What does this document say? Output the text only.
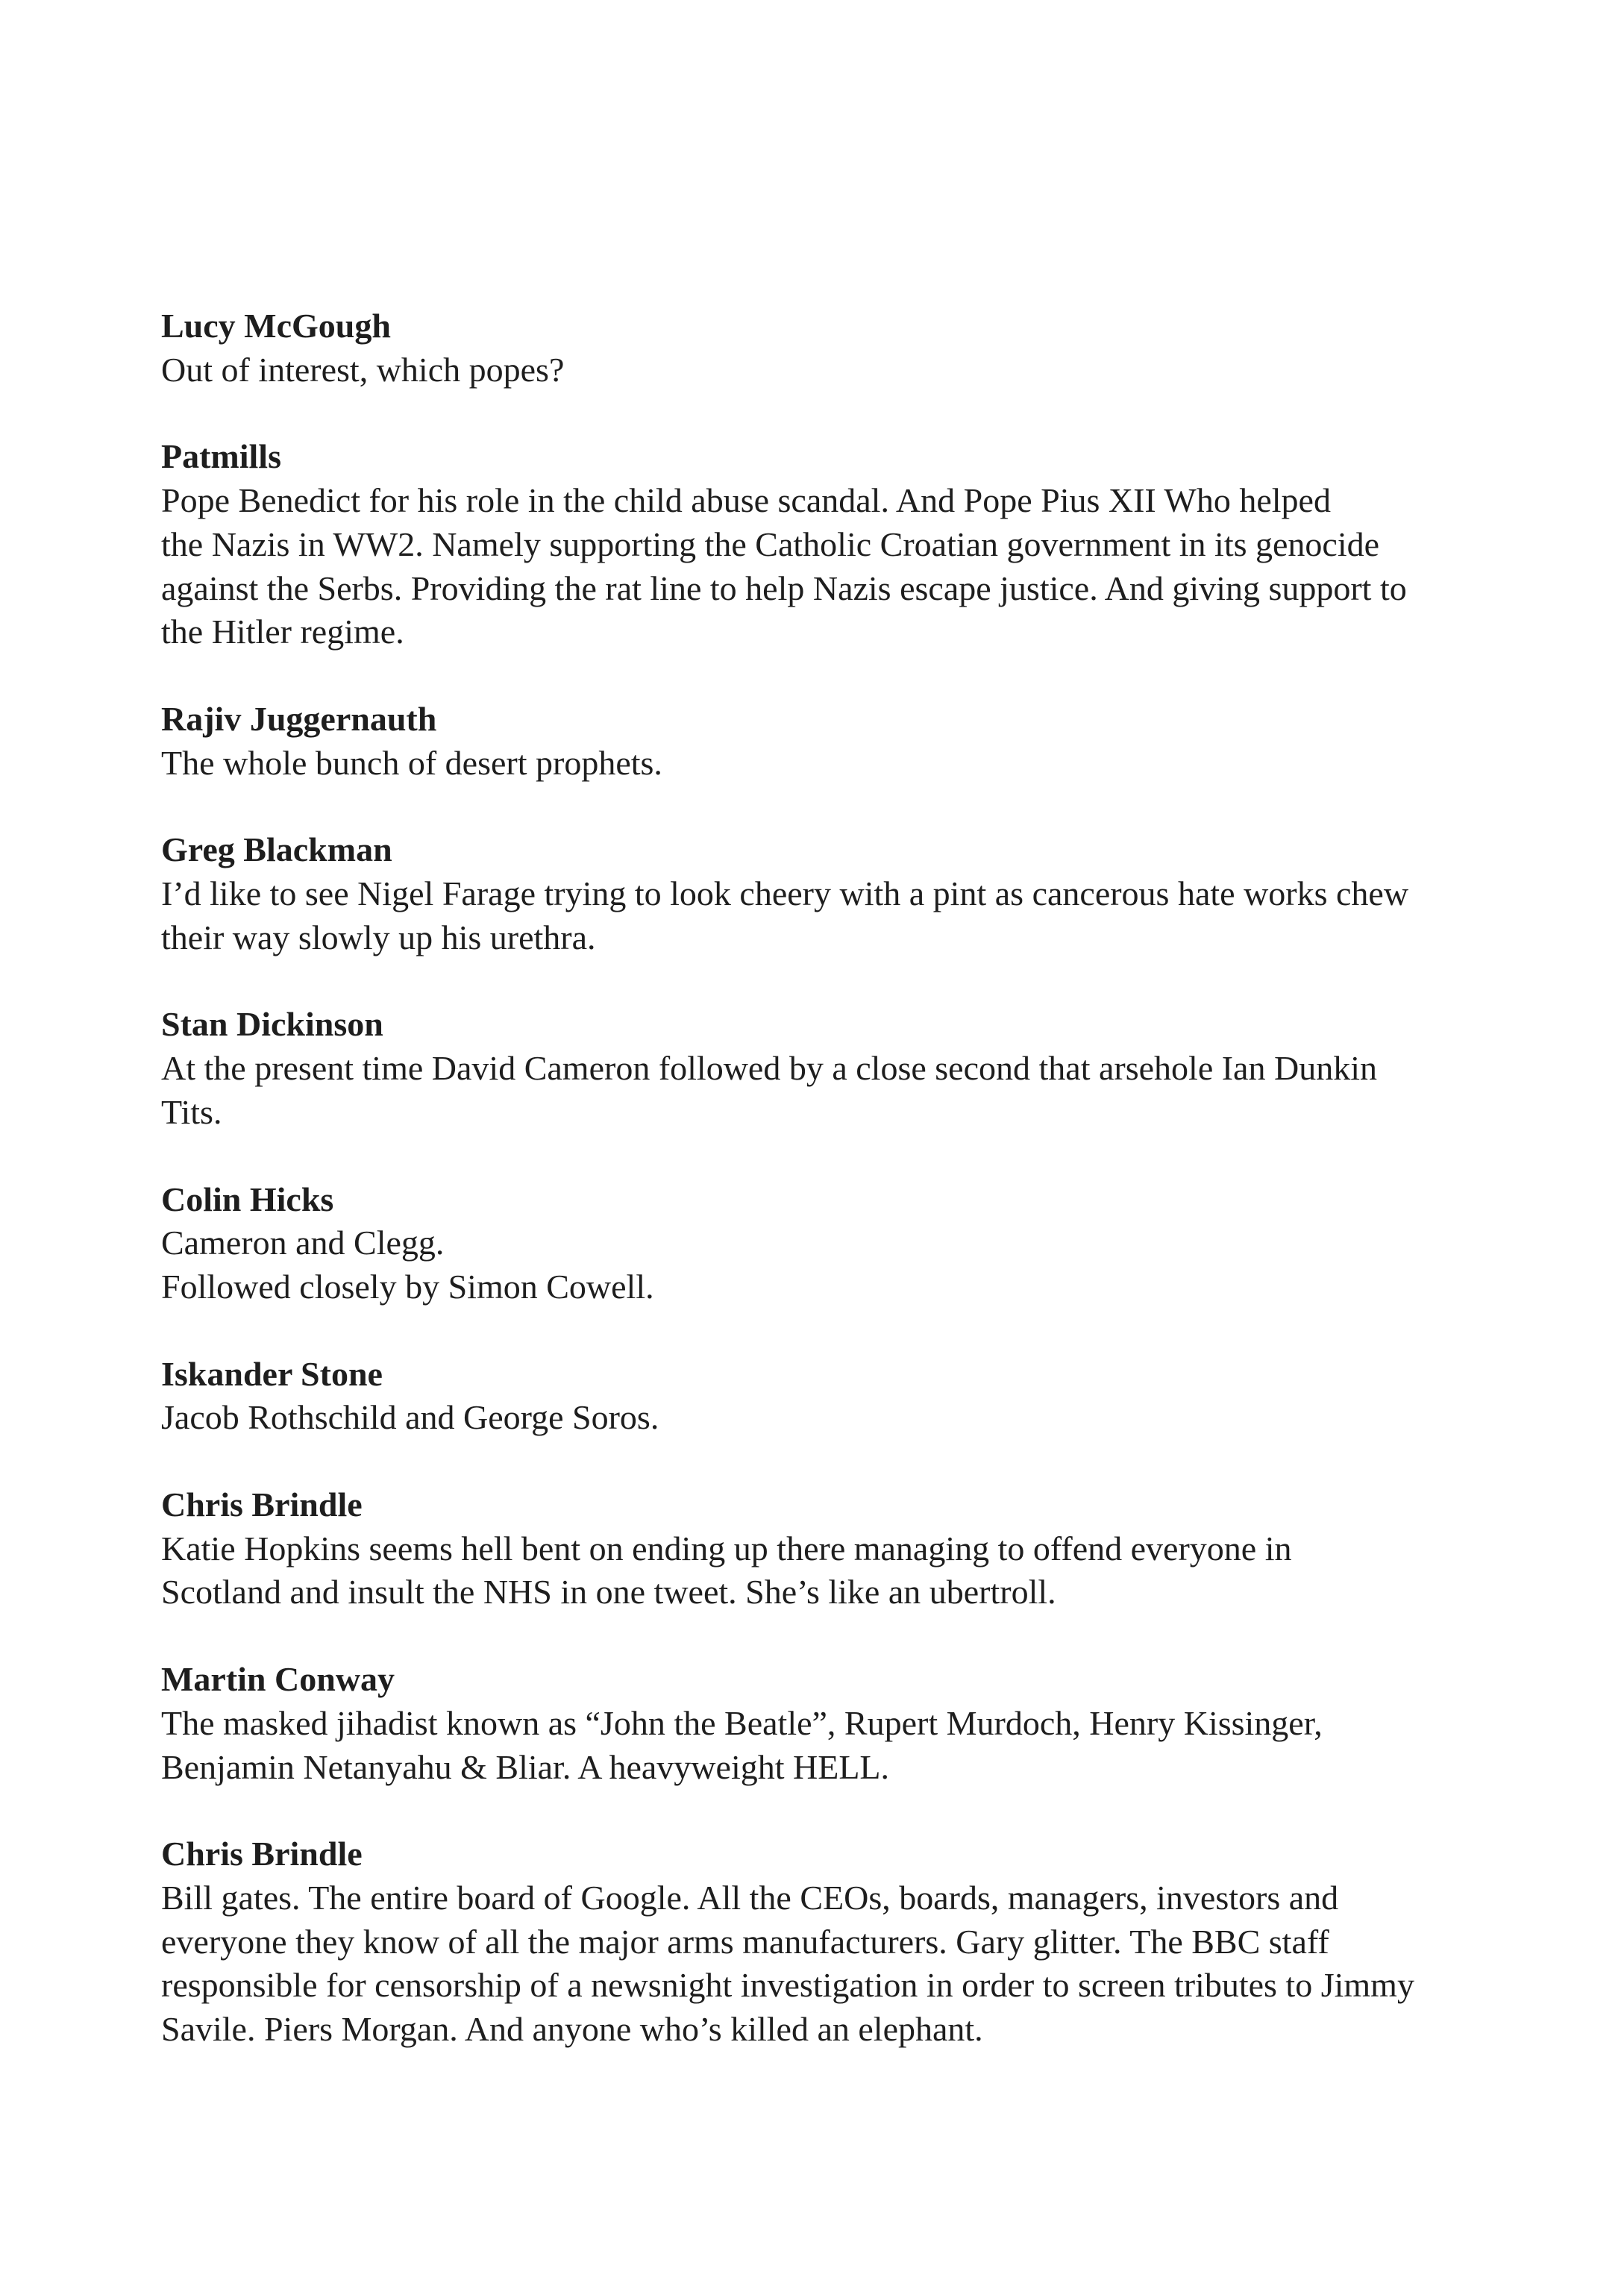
Lucy McGough

Out of interest, which popes?

Patmills

Pope Benedict for his role in the child abuse scandal. And Pope Pius XII Who helped
the Nazis in WW2. Namely supporting the Catholic Croatian government in its genocide
against the Serbs. Providing the rat line to help Nazis escape justice. And giving support to
the Hitler regime.

Rajiv Juggernauth

The whole bunch of desert prophets.

Greg Blackman

I’d like to see Nigel Farage trying to look cheery with a pint as cancerous hate works chew
their way slowly up his urethra.

Stan Dickinson

At the present time David Cameron followed by a close second that arsehole Ian Dunkin
Tits.

Colin Hicks

Cameron and Clegg.
Followed closely by Simon Cowell.

Iskander Stone

Jacob Rothschild and George Soros.

Chris Brindle

Katie Hopkins seems hell bent on ending up there managing to offend everyone in
Scotland and insult the NHS in one tweet. She’s like an ubertroll.

Martin Conway

The masked jihadist known as “John the Beatle”, Rupert Murdoch, Henry Kissinger,
Benjamin Netanyahu & Bliar. A heavyweight HELL.

Chris Brindle

Bill gates. The entire board of Google. All the CEOs, boards, managers, investors and
everyone they know of all the major arms manufacturers. Gary glitter. The BBC staff
responsible for censorship of a newsnight investigation in order to screen tributes to Jimmy
Savile. Piers Morgan. And anyone who’s killed an elephant.
